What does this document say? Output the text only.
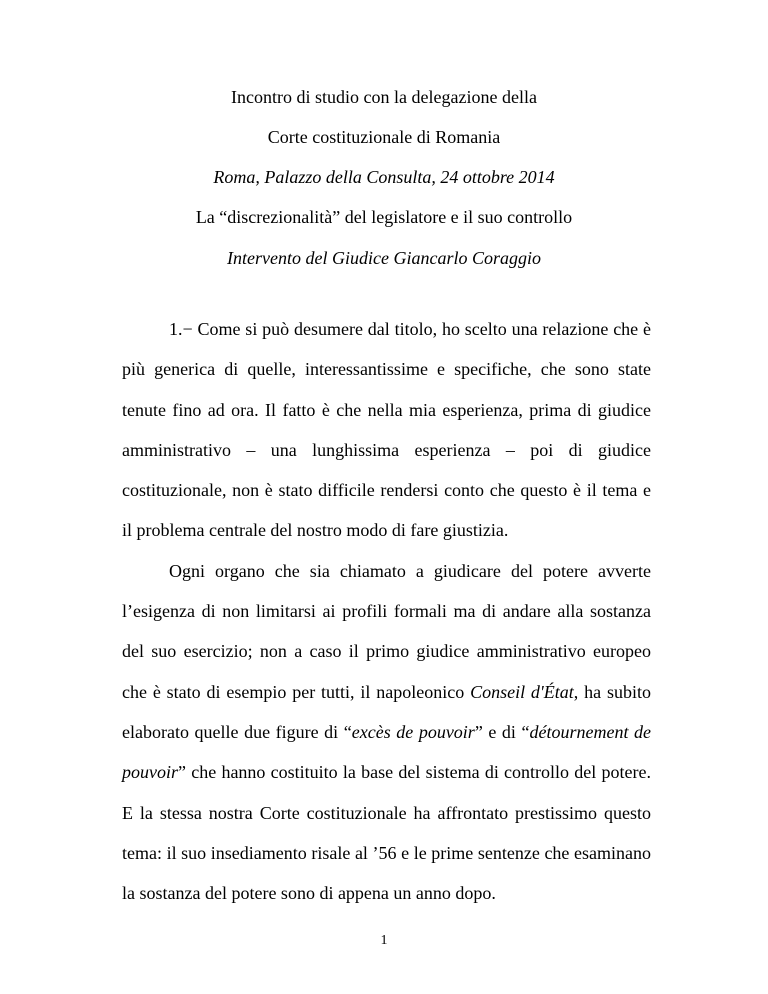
Incontro di studio con la delegazione della
Corte costituzionale di Romania
Roma, Palazzo della Consulta, 24 ottobre 2014
La “discrezionalità” del legislatore e il suo controllo
Intervento del Giudice Giancarlo Coraggio

1.− Come si può desumere dal titolo, ho scelto una relazione che è più generica di quelle, interessantissime e specifiche, che sono state tenute fino ad ora. Il fatto è che nella mia esperienza, prima di giudice amministrativo – una lunghissima esperienza – poi di giudice costituzionale, non è stato difficile rendersi conto che questo è il tema e il problema centrale del nostro modo di fare giustizia.

Ogni organo che sia chiamato a giudicare del potere avverte l’esigenza di non limitarsi ai profili formali ma di andare alla sostanza del suo esercizio; non a caso il primo giudice amministrativo europeo che è stato di esempio per tutti, il napoleonico Conseil d'État, ha subito elaborato quelle due figure di “excès de pouvoir” e di “détournement de pouvoir” che hanno costituito la base del sistema di controllo del potere. E la stessa nostra Corte costituzionale ha affrontato prestissimo questo tema: il suo insediamento risale al ’56 e le prime sentenze che esaminano la sostanza del potere sono di appena un anno dopo.

1
